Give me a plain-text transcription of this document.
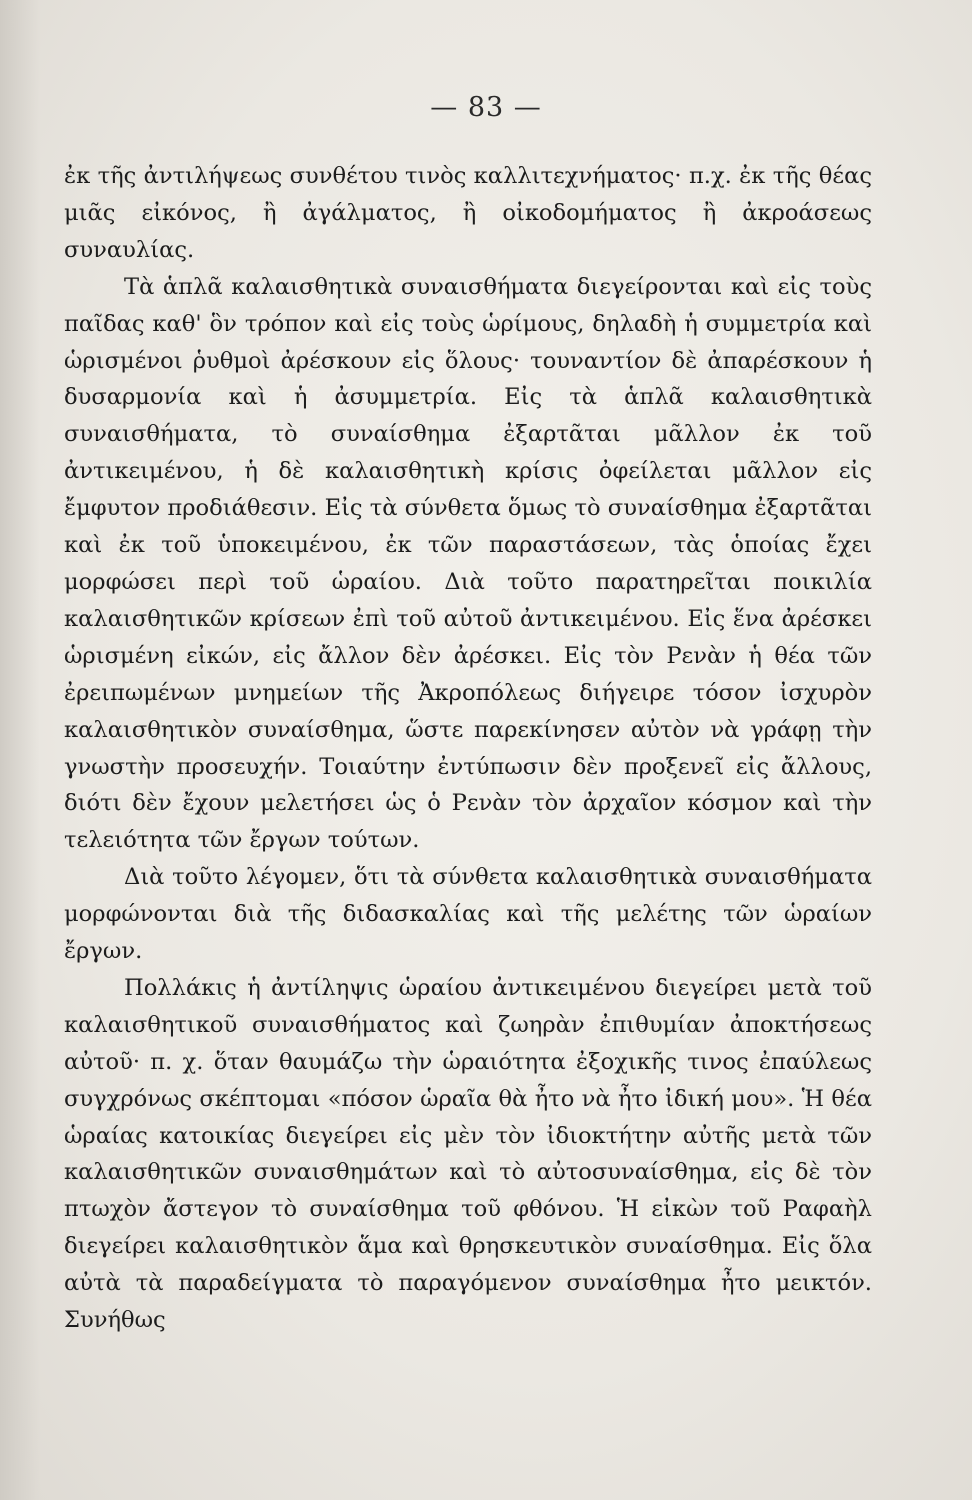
— 83 —

ἐκ τῆς ἀντιλήψεως συνθέτου τινὸς καλλιτεχνήματος· π.χ. ἐκ τῆς θέας μιᾶς εἰκόνος, ἢ ἀγάλματος, ἢ οἰκοδομήματος ἢ ἀκροάσεως συναυλίας.

Τὰ ἁπλᾶ καλαισθητικὰ συναισθήματα διεγείρονται καὶ εἰς τοὺς παῖδας καθ' ὃν τρόπον καὶ εἰς τοὺς ὡρίμους, δηλαδὴ ἡ συμμετρία καὶ ὡρισμένοι ῥυθμοὶ ἀρέσκουν εἰς ὅλους· τουναντίον δὲ ἀπαρέσκουν ἡ δυσαρμονία καὶ ἡ ἀσυμμετρία. Εἰς τὰ ἁπλᾶ καλαισθητικὰ συναισθήματα, τὸ συναίσθημα ἐξαρτᾶται μᾶλλον ἐκ τοῦ ἀντικειμένου, ἡ δὲ καλαισθητικὴ κρίσις ὀφείλεται μᾶλλον εἰς ἔμφυτον προδιάθεσιν. Εἰς τὰ σύνθετα ὅμως τὸ συναίσθημα ἐξαρτᾶται καὶ ἐκ τοῦ ὑποκειμένου, ἐκ τῶν παραστάσεων, τὰς ὁποίας ἔχει μορφώσει περὶ τοῦ ὡραίου. Διὰ τοῦτο παρατηρεῖται ποικιλία καλαισθητικῶν κρίσεων ἐπὶ τοῦ αὐτοῦ ἀντικειμένου. Εἰς ἕνα ἀρέσκει ὡρισμένη εἰκών, εἰς ἄλλον δὲν ἀρέσκει. Εἰς τὸν Ρενὰν ἡ θέα τῶν ἐρειπωμένων μνημείων τῆς Ἀκροπόλεως διήγειρε τόσον ἰσχυρὸν καλαισθητικὸν συναίσθημα, ὥστε παρεκίνησεν αὐτὸν νὰ γράφῃ τὴν γνωστὴν προσευχήν. Τοιαύτην ἐντύπωσιν δὲν προξενεῖ εἰς ἄλλους, διότι δὲν ἔχουν μελετήσει ὡς ὁ Ρενὰν τὸν ἀρχαῖον κόσμον καὶ τὴν τελειότητα τῶν ἔργων τούτων.

Διὰ τοῦτο λέγομεν, ὅτι τὰ σύνθετα καλαισθητικὰ συναισθήματα μορφώνονται διὰ τῆς διδασκαλίας καὶ τῆς μελέτης τῶν ὡραίων ἔργων.

Πολλάκις ἡ ἀντίληψις ὡραίου ἀντικειμένου διεγείρει μετὰ τοῦ καλαισθητικοῦ συναισθήματος καὶ ζωηρὰν ἐπιθυμίαν ἀποκτήσεως αὐτοῦ· π. χ. ὅταν θαυμάζω τὴν ὡραιότητα ἐξοχικῆς τινος ἐπαύλεως συγχρόνως σκέπτομαι «πόσον ὡραῖα θὰ ἦτο νὰ ἦτο ἰδική μου». Ἡ θέα ὡραίας κατοικίας διεγείρει εἰς μὲν τὸν ἰδιοκτήτην αὐτῆς μετὰ τῶν καλαισθητικῶν συναισθημάτων καὶ τὸ αὐτοσυναίσθημα, εἰς δὲ τὸν πτωχὸν ἄστεγον τὸ συναίσθημα τοῦ φθόνου. Ἡ εἰκὼν τοῦ Ραφαὴλ διεγείρει καλαισθητικὸν ἅμα καὶ θρησκευτικὸν συναίσθημα. Εἰς ὅλα αὐτὰ τὰ παραδείγματα τὸ παραγόμενον συναίσθημα ἦτο μεικτόν. Συνήθως
